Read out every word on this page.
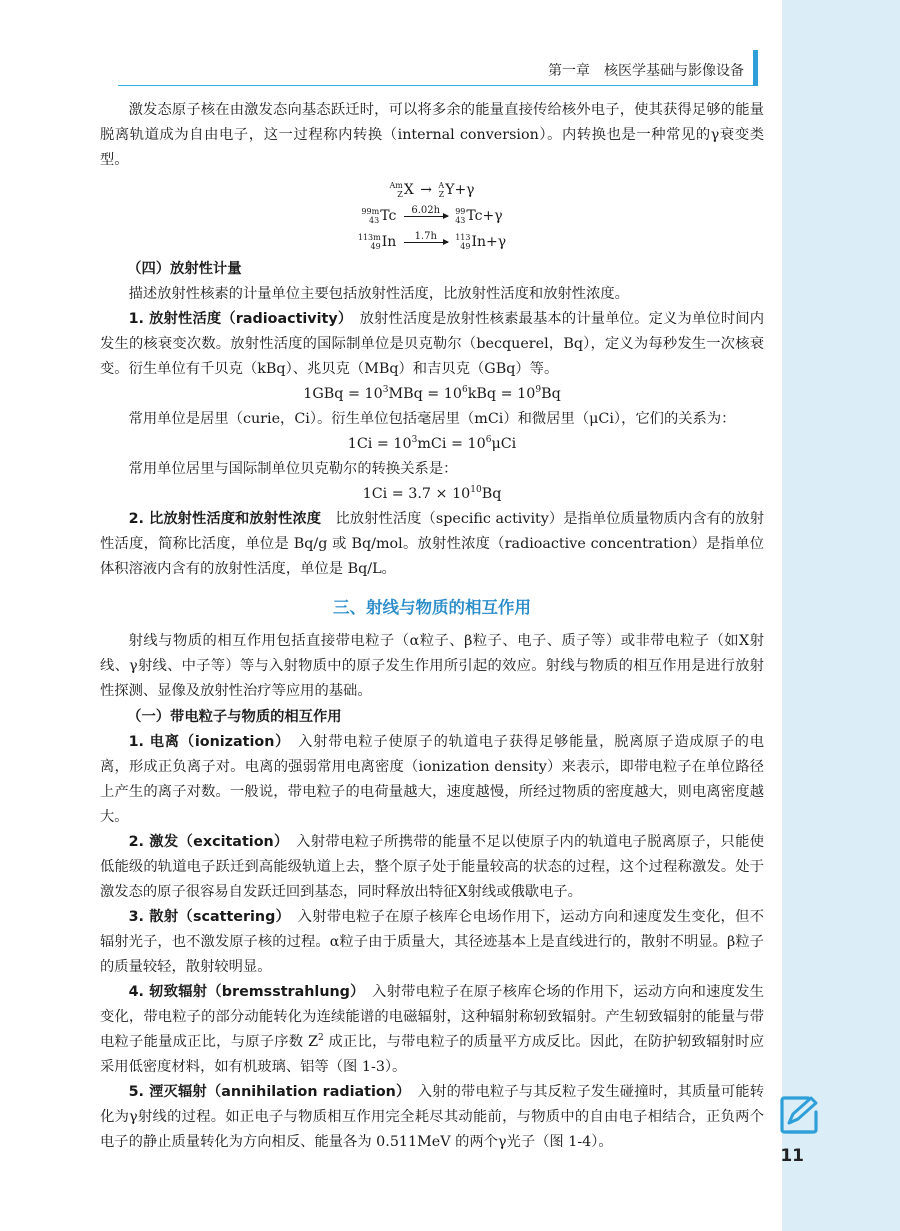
第一章　核医学基础与影像设备

激发态原子核在由激发态向基态跃迁时，可以将多余的能量直接传给核外电子，使其获得足够的能量脱离轨道成为自由电子，这一过程称内转换（internal conversion）。内转换也是一种常见的γ衰变类型。

Am
Z X → A
Z Y+γ

99m
43 Tc 6.02h
99
43 Tc+γ

113m
49 In 1.7h
113
49 In+γ

（四）放射性计量

描述放射性核素的计量单位主要包括放射性活度，比放射性活度和放射性浓度。

1. 放射性活度（radioactivity）　 放射性活度是放射性核素最基本的计量单位。定义为单位时间内发生的核衰变次数。放射性活度的国际制单位是贝克勒尔（becquerel，Bq），定义为每秒发生一次核衰变。衍生单位有千贝克（kBq）、兆贝克（MBq）和吉贝克（GBq）等。

$1GBq = 10^3MBq = 10^6kBq = 10^9Bq$

常用单位是居里（curie，Ci）。衍生单位包括毫居里（mCi）和微居里（μCi），它们的关系为：

$1Ci = 10^3mCi = 10^6\mu Ci$

常用单位居里与国际制单位贝克勒尔的转换关系是：

$1Ci = 3.7 \times 10^{10}Bq$

2. 比放射性活度和放射性浓度　 比放射性活度（specific activity）是指单位质量物质内含有的放射性活度，简称比活度，单位是 Bq/g 或 Bq/mol。放射性浓度（radioactive concentration）是指单位体积溶液内含有的放射性活度，单位是 Bq/L。

三、射线与物质的相互作用

射线与物质的相互作用包括直接带电粒子（α粒子、β粒子、电子、质子等）或非带电粒子（如X射线、γ射线、中子等）等与入射物质中的原子发生作用所引起的效应。射线与物质的相互作用是进行放射性探测、显像及放射性治疗等应用的基础。

（一）带电粒子与物质的相互作用

1. 电离（ionization）　 入射带电粒子使原子的轨道电子获得足够能量，脱离原子造成原子的电离，形成正负离子对。电离的强弱常用电离密度（ionization density）来表示，即带电粒子在单位路径上产生的离子对数。一般说，带电粒子的电荷量越大，速度越慢，所经过物质的密度越大，则电离密度越大。

2. 激发（excitation）　 入射带电粒子所携带的能量不足以使原子内的轨道电子脱离原子，只能使低能级的轨道电子跃迁到高能级轨道上去，整个原子处于能量较高的状态的过程，这个过程称激发。处于激发态的原子很容易自发跃迁回到基态，同时释放出特征X射线或俄歇电子。

3. 散射（scattering）　 入射带电粒子在原子核库仑电场作用下，运动方向和速度发生变化，但不辐射光子，也不激发原子核的过程。α粒子由于质量大，其径迹基本上是直线进行的，散射不明显。β粒子的质量较轻，散射较明显。

4. 轫致辐射（bremsstrahlung）　 入射带电粒子在原子核库仑场的作用下，运动方向和速度发生变化，带电粒子的部分动能转化为连续能谱的电磁辐射，这种辐射称轫致辐射。产生轫致辐射的能量与带电粒子能量成正比，与原子序数 $Z^2$ 成正比，与带电粒子的质量平方成反比。因此，在防护轫致辐射时应采用低密度材料，如有机玻璃、铝等（图 1-3）。

5. 湮灭辐射（annihilation radiation）　 入射的带电粒子与其反粒子发生碰撞时，其质量可能转化为γ射线的过程。如正电子与物质相互作用完全耗尽其动能前，与物质中的自由电子相结合，正负两个电子的静止质量转化为方向相反、能量各为 0.511MeV 的两个γ光子（图 1-4）。

11
